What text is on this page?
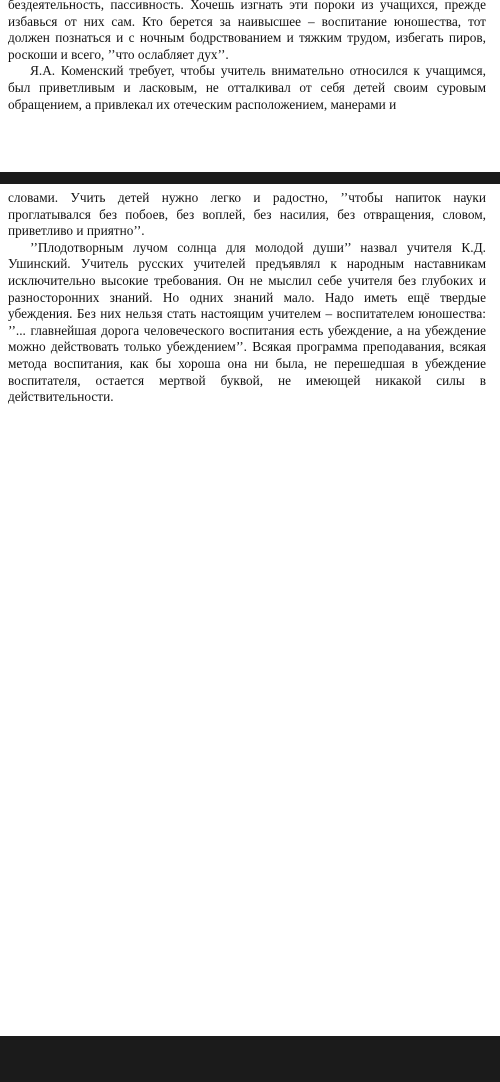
бездеятельность, пассивность. Хочешь изгнать эти пороки из учащихся, прежде избавься от них сам. Кто берется за наивысшее – воспитание юношества, тот должен познаться и с ночным бодрствованием и тяжким трудом, избегать пиров, роскоши и всего, ’’что ослабляет дух’’.

Я.А. Коменский требует, чтобы учитель внимательно относился к учащимся, был приветливым и ласковым, не отталкивал от себя детей своим суровым обращением, а привлекал их отеческим расположением, манерами и

словами. Учить детей нужно легко и радостно, ’’чтобы напиток науки проглатывался без побоев, без воплей, без насилия, без отвращения, словом, приветливо и приятно’’.

’’Плодотворным лучом солнца для молодой души’’ назвал учителя К.Д. Ушинский. Учитель русских учителей предъявлял к народным наставникам исключительно высокие требования. Он не мыслил себе учителя без глубоких и разносторонних знаний. Но одних знаний мало. Надо иметь ещё твердые убеждения. Без них нельзя стать настоящим учителем – воспитателем юношества: ’’... главнейшая дорога человеческого воспитания есть убеждение, а на убеждение можно действовать только убеждением’’. Всякая программа преподавания, всякая метода воспитания, как бы хороша она ни была, не перешедшая в убеждение воспитателя, остается мертвой буквой, не имеющей никакой силы в действительности.
